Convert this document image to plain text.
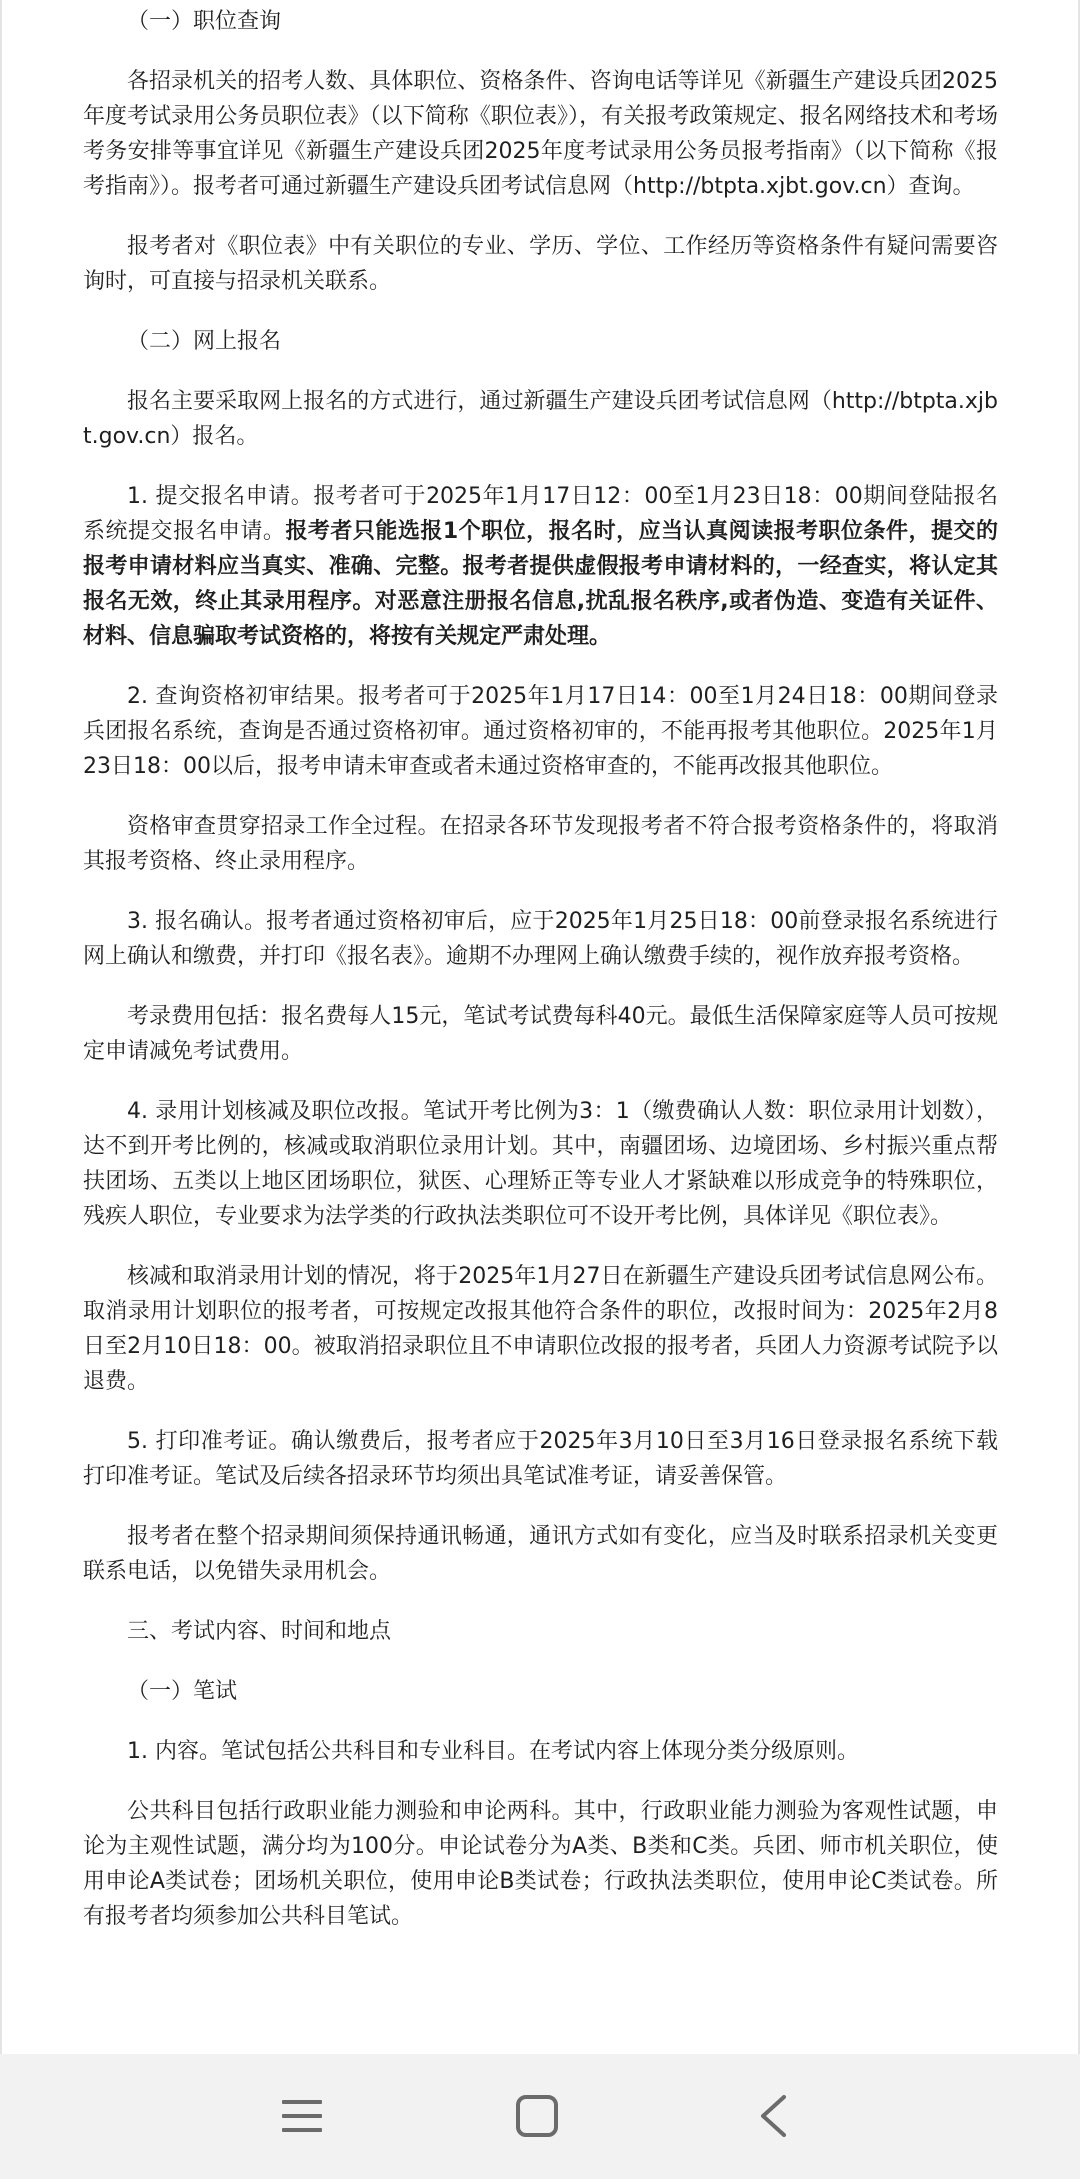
（一）职位查询

各招录机关的招考人数、具体职位、资格条件、咨询电话等详见《新疆生产建设兵团2025年度考试录用公务员职位表》（以下简称《职位表》），有关报考政策规定、报名网络技术和考场考务安排等事宜详见《新疆生产建设兵团2025年度考试录用公务员报考指南》（以下简称《报考指南》）。报考者可通过新疆生产建设兵团考试信息网（http://btpta.xjbt.gov.cn）查询。

报考者对《职位表》中有关职位的专业、学历、学位、工作经历等资格条件有疑问需要咨询时，可直接与招录机关联系。

（二）网上报名

报名主要采取网上报名的方式进行，通过新疆生产建设兵团考试信息网（http://btpta.xjbt.gov.cn）报名。

1. 提交报名申请。报考者可于2025年1月17日12：00至1月23日18：00期间登陆报名系统提交报名申请。报考者只能选报1个职位，报名时，应当认真阅读报考职位条件，提交的报考申请材料应当真实、准确、完整。报考者提供虚假报考申请材料的，一经查实，将认定其报名无效，终止其录用程序。对恶意注册报名信息,扰乱报名秩序,或者伪造、变造有关证件、材料、信息骗取考试资格的，将按有关规定严肃处理。

2. 查询资格初审结果。报考者可于2025年1月17日14：00至1月24日18：00期间登录兵团报名系统，查询是否通过资格初审。通过资格初审的，不能再报考其他职位。2025年1月23日18：00以后，报考申请未审查或者未通过资格审查的，不能再改报其他职位。

资格审查贯穿招录工作全过程。在招录各环节发现报考者不符合报考资格条件的，将取消其报考资格、终止录用程序。

3. 报名确认。报考者通过资格初审后，应于2025年1月25日18：00前登录报名系统进行网上确认和缴费，并打印《报名表》。逾期不办理网上确认缴费手续的，视作放弃报考资格。

考录费用包括：报名费每人15元，笔试考试费每科40元。最低生活保障家庭等人员可按规定申请减免考试费用。

4. 录用计划核减及职位改报。笔试开考比例为3：1（缴费确认人数：职位录用计划数），达不到开考比例的，核减或取消职位录用计划。其中，南疆团场、边境团场、乡村振兴重点帮扶团场、五类以上地区团场职位，狱医、心理矫正等专业人才紧缺难以形成竞争的特殊职位，残疾人职位，专业要求为法学类的行政执法类职位可不设开考比例，具体详见《职位表》。

核减和取消录用计划的情况，将于2025年1月27日在新疆生产建设兵团考试信息网公布。取消录用计划职位的报考者，可按规定改报其他符合条件的职位，改报时间为：2025年2月8日至2月10日18：00。被取消招录职位且不申请职位改报的报考者，兵团人力资源考试院予以退费。

5. 打印准考证。确认缴费后，报考者应于2025年3月10日至3月16日登录报名系统下载打印准考证。笔试及后续各招录环节均须出具笔试准考证，请妥善保管。

报考者在整个招录期间须保持通讯畅通，通讯方式如有变化，应当及时联系招录机关变更联系电话，以免错失录用机会。

三、考试内容、时间和地点

（一）笔试

1. 内容。笔试包括公共科目和专业科目。在考试内容上体现分类分级原则。

公共科目包括行政职业能力测验和申论两科。其中，行政职业能力测验为客观性试题，申论为主观性试题，满分均为100分。申论试卷分为A类、B类和C类。兵团、师市机关职位，使用申论A类试卷；团场机关职位，使用申论B类试卷；行政执法类职位，使用申论C类试卷。所有报考者均须参加公共科目笔试。
